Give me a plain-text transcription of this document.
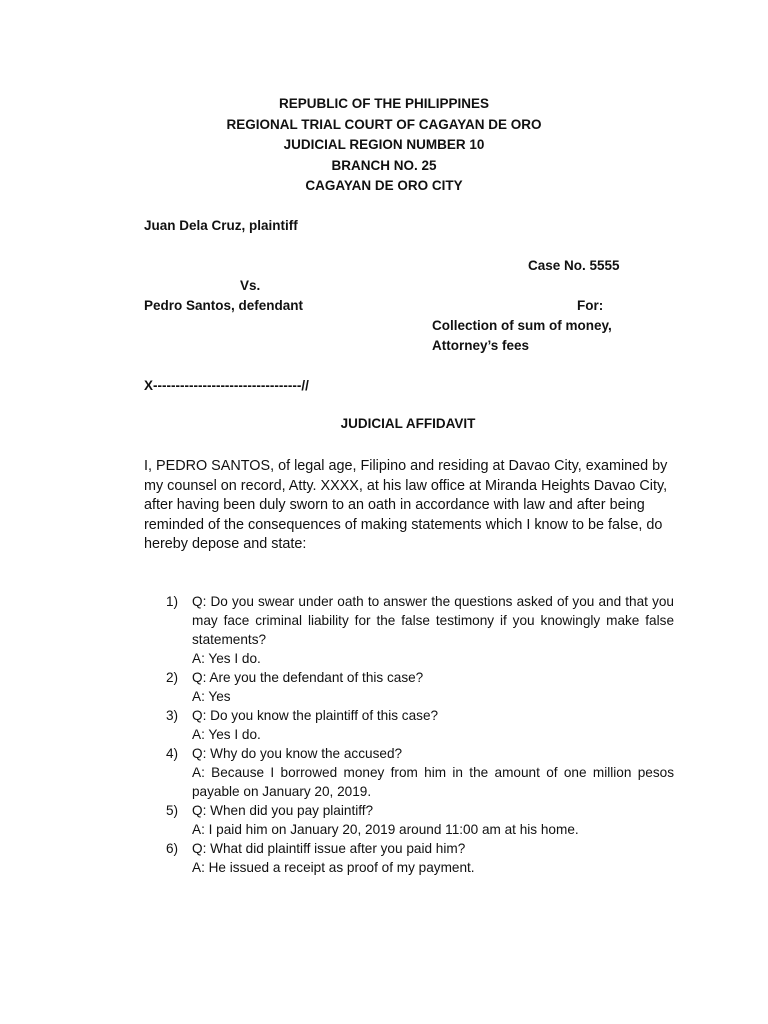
REPUBLIC OF THE PHILIPPINES
REGIONAL TRIAL COURT OF CAGAYAN DE ORO
JUDICIAL REGION NUMBER 10
BRANCH NO. 25
CAGAYAN DE ORO CITY
Juan Dela Cruz, plaintiff
Case No. 5555
Vs.
Pedro Santos, defendant	For:
Collection of sum of money,
Attorney’s fees
X---------------------------------//
JUDICIAL AFFIDAVIT
I, PEDRO SANTOS, of legal age, Filipino and residing at Davao City, examined by my counsel on record, Atty. XXXX, at his law office at Miranda Heights Davao City, after having been duly sworn to an oath in accordance with law and after being reminded of the consequences of making statements which I know to be false, do hereby depose and state:
1) Q: Do you swear under oath to answer the questions asked of you and that you may face criminal liability for the false testimony if you knowingly make false statements?
A: Yes I do.
2) Q: Are you the defendant of this case?
A: Yes
3) Q: Do you know the plaintiff of this case?
A: Yes I do.
4) Q: Why do you know the accused?
A: Because I borrowed money from him in the amount of one million pesos payable on January 20, 2019.
5) Q: When did you pay plaintiff?
A: I paid him on January 20, 2019 around 11:00 am at his home.
6) Q: What did plaintiff issue after you paid him?
A: He issued a receipt as proof of my payment.
